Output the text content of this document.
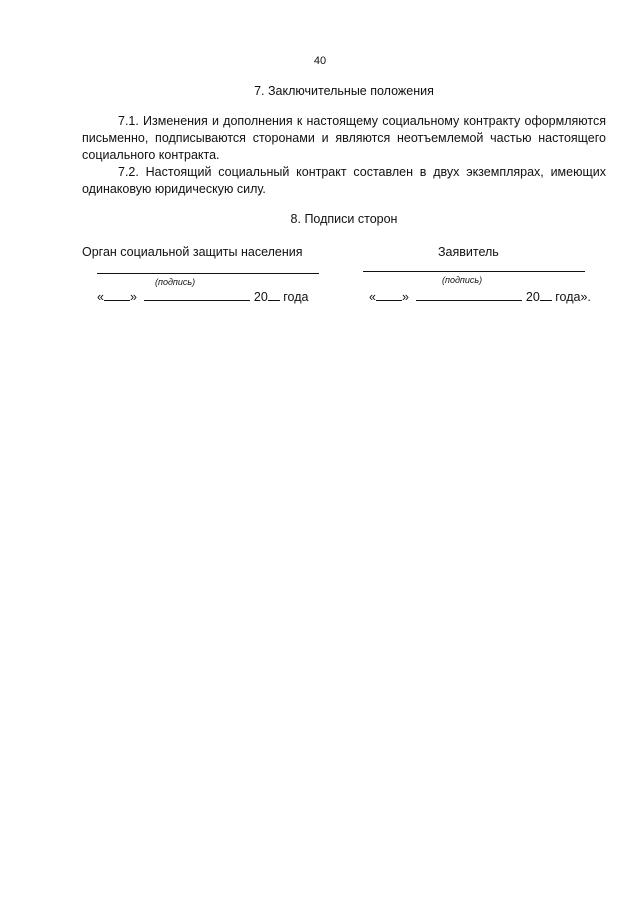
40
7. Заключительные положения

7.1. Изменения и дополнения к настоящему социальному контракту оформляются письменно, подписываются сторонами и являются неотъемлемой частью настоящего социального контракта.

7.2. Настоящий социальный контракт составлен в двух экземплярах, имеющих одинаковую юридическую силу.

8. Подписи сторон
Орган социальной защиты населения
(подпись)
« »	20 года
Заявитель
(подпись)
« »	20 года».
